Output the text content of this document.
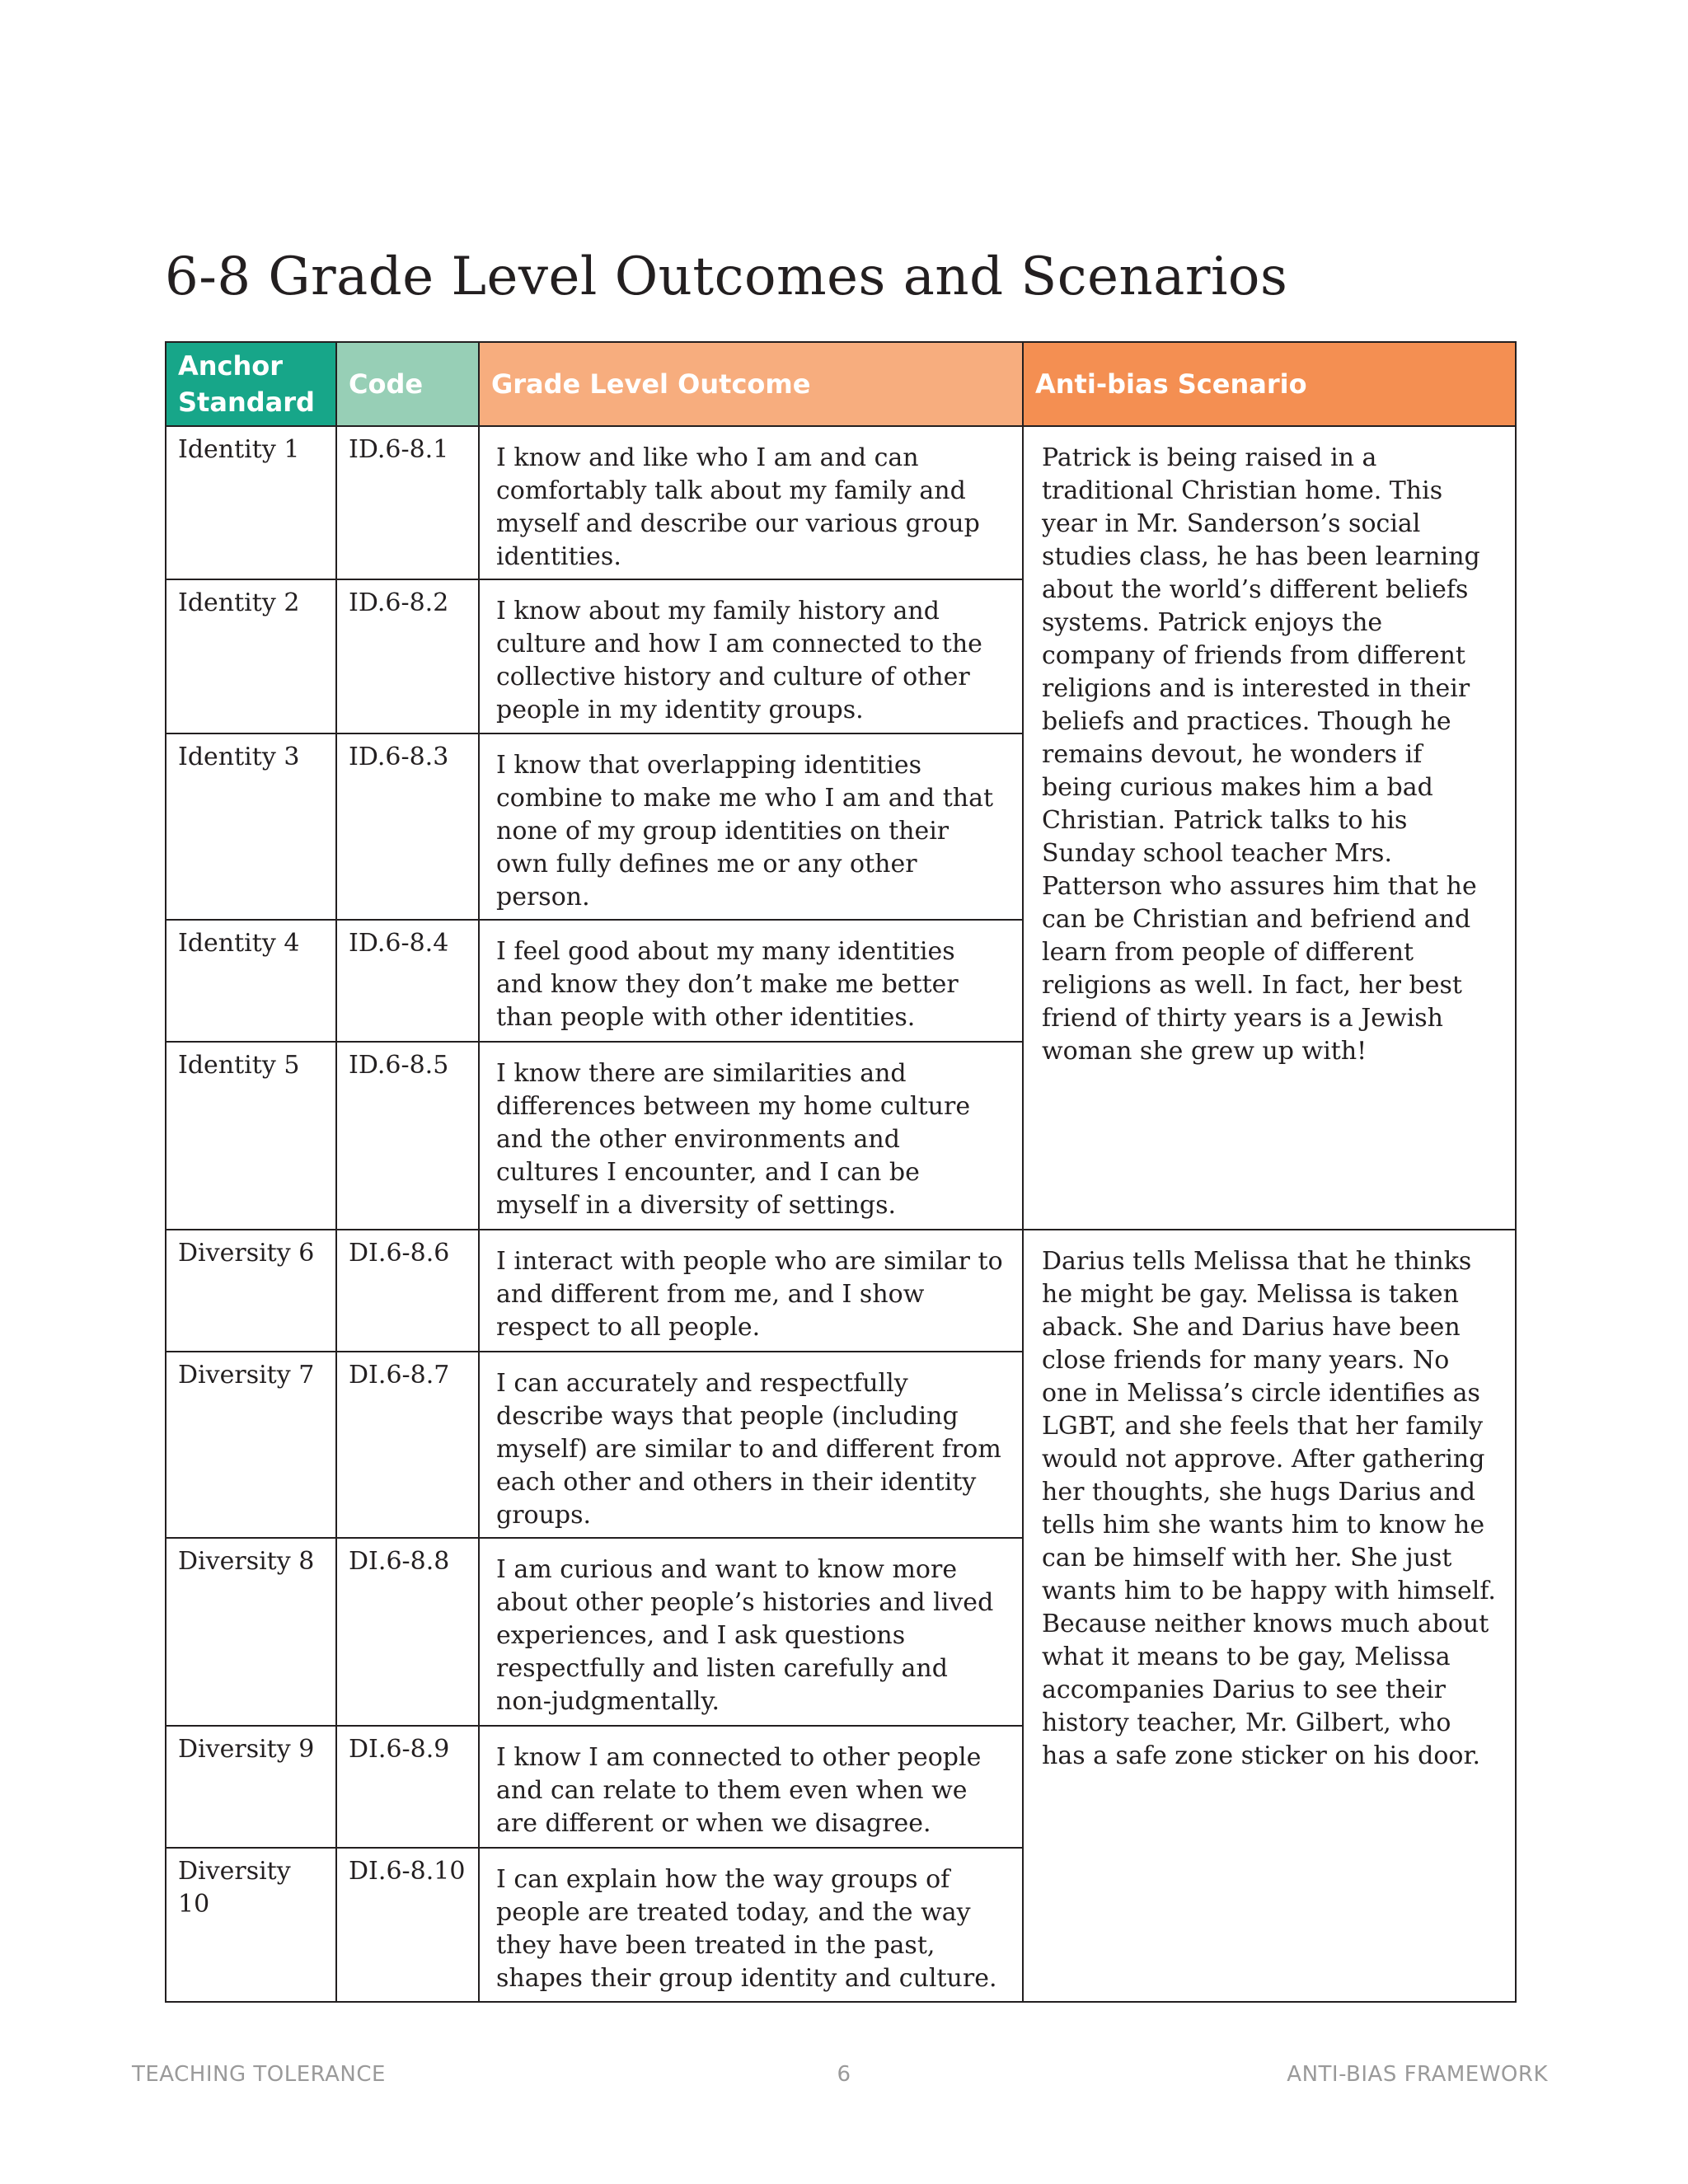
6-8 Grade Level Outcomes and Scenarios
Anchor Standard	Code	Grade Level Outcome	Anti-bias Scenario
Identity 1	ID.6-8.1	I know and like who I am and can comfortably talk about my family and myself and describe our various group identities.	Patrick is being raised in a traditional Christian home. This year in Mr. Sanderson’s social studies class, he has been learning about the world’s different beliefs systems. Patrick enjoys the company of friends from different religions and is interested in their beliefs and practices. Though he remains devout, he wonders if being curious makes him a bad Christian. Patrick talks to his Sunday school teacher Mrs. Patterson who assures him that he can be Christian and befriend and learn from people of different religions as well. In fact, her best friend of thirty years is a Jewish woman she grew up with!
Identity 2	ID.6-8.2	I know about my family history and culture and how I am connected to the collective history and culture of other people in my identity groups.	
Identity 3	ID.6-8.3	I know that overlapping identities combine to make me who I am and that none of my group identities on their own fully defines me or any other person.	
Identity 4	ID.6-8.4	I feel good about my many identities and know they don’t make me better than people with other identities.	
Identity 5	ID.6-8.5	I know there are similarities and differences between my home culture and the other environments and cultures I encounter, and I can be myself in a diversity of settings.	
Diversity 6	DI.6-8.6	I interact with people who are similar to and different from me, and I show respect to all people.	Darius tells Melissa that he thinks he might be gay. Melissa is taken aback. She and Darius have been close friends for many years. No one in Melissa’s circle identifies as LGBT, and she feels that her family would not approve. After gathering her thoughts, she hugs Darius and tells him she wants him to know he can be himself with her. She just wants him to be happy with himself. Because neither knows much about what it means to be gay, Melissa accompanies Darius to see their history teacher, Mr. Gilbert, who has a safe zone sticker on his door.
Diversity 7	DI.6-8.7	I can accurately and respectfully describe ways that people (including myself) are similar to and different from each other and others in their identity groups.	
Diversity 8	DI.6-8.8	I am curious and want to know more about other people’s histories and lived experiences, and I ask questions respectfully and listen carefully and non-judgmentally.	
Diversity 9	DI.6-8.9	I know I am connected to other people and can relate to them even when we are different or when we disagree.	
Diversity 10	DI.6-8.10	I can explain how the way groups of people are treated today, and the way they have been treated in the past, shapes their group identity and culture.	
TEACHING TOLERANCE	6	ANTI-BIAS FRAMEWORK
